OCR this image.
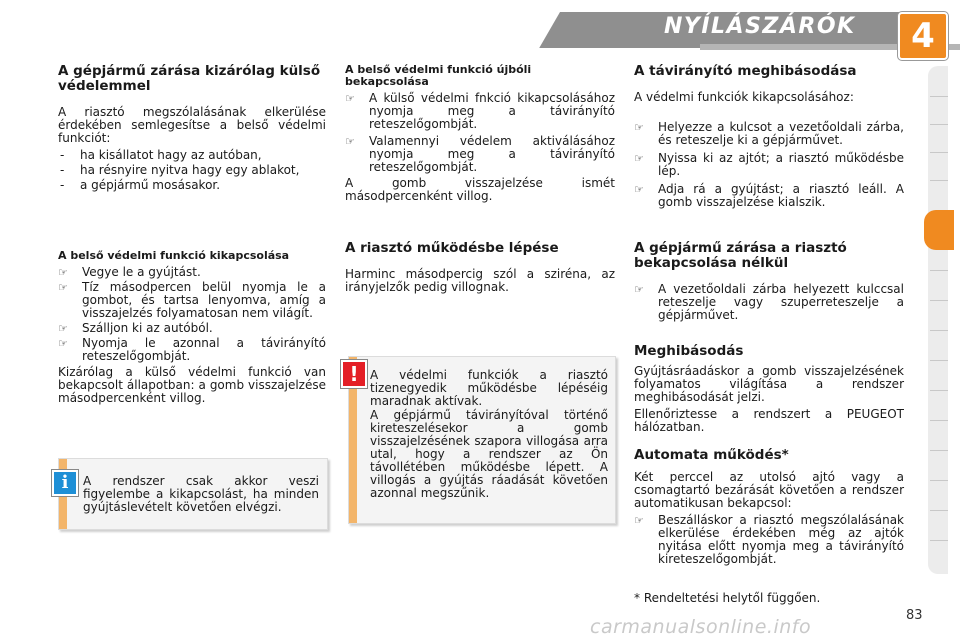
NYÍLÁSZÁRÓK	4
A gépjármű zárása kizárólag külső védelemmel

A riasztó megszólalásának elkerülése érdekében semlegesítse a belső védelmi funkciót:

- ha kisállatot hagy az autóban,
- ha résnyire nyitva hagy egy ablakot,
- a gépjármű mosásakor.
A belső védelmi funkció kikapcsolása
☞ Vegye le a gyújtást.
☞ Tíz másodpercen belül nyomja le a gombot, és tartsa lenyomva, amíg a visszajelzés folyamatosan nem világít.
☞ Szálljon ki az autóból.
☞ Nyomja le azonnal a távirányító reteszelőgombját.

Kizárólag a külső védelmi funkció van bekapcsolt állapotban: a gomb visszajelzése másodpercenként villog.

A rendszer csak akkor veszi figyelembe a kikapcsolást, ha minden gyújtáslevételt követően elvégzi.

i
A belső védelmi funkció újbóli bekapcsolása
☞ A külső védelmi fnkció kikapcsolásához nyomja meg a távirányító reteszelőgombját.
☞ Valamennyi védelem aktiválásához nyomja meg a távirányító reteszelőgombját.

A gomb visszajelzése ismét másodpercenként villog.

A riasztó működésbe lépése

Harminc másodpercig szól a sziréna, az irányjelzők pedig villognak.

A védelmi funkciók a riasztó tizenegyedik működésbe lépéséig maradnak aktívak.

A gépjármű távirányítóval történő kireteszelésekor a gomb visszajelzésének szapora villogása arra utal, hogy a rendszer az Ön távollétében működésbe lépett. A villogás a gyújtás ráadását követően azonnal megszűnik.

!
A távirányító meghibásodása

A védelmi funkciók kikapcsolásához:

☞ Helyezze a kulcsot a vezetőoldali zárba, és reteszelje ki a gépjárművet.
☞ Nyissa ki az ajtót; a riasztó működésbe lép.
☞ Adja rá a gyújtást; a riasztó leáll. A gomb visszajelzése kialszik.
A gépjármű zárása a riasztó bekapcsolása nélkül
☞ A vezetőoldali zárba helyezett kulccsal reteszelje vagy szuperreteszelje a gépjárművet.
Meghibásodás

Gyújtásráadáskor a gomb visszajelzésének folyamatos világítása a rendszer meghibásodását jelzi.

Ellenőriztesse a rendszert a PEUGEOT hálózatban.

Automata működés*

Két perccel az utolsó ajtó vagy a csomagtartó bezárását követően a rendszer automatikusan bekapcsol:

☞ Beszálláskor a riasztó megszólalásának elkerülése érdekében még az ajtók nyitása előtt nyomja meg a távirányító kireteszelőgombját.

* Rendeltetési helytől függően.

83
carmanualsonline.info
